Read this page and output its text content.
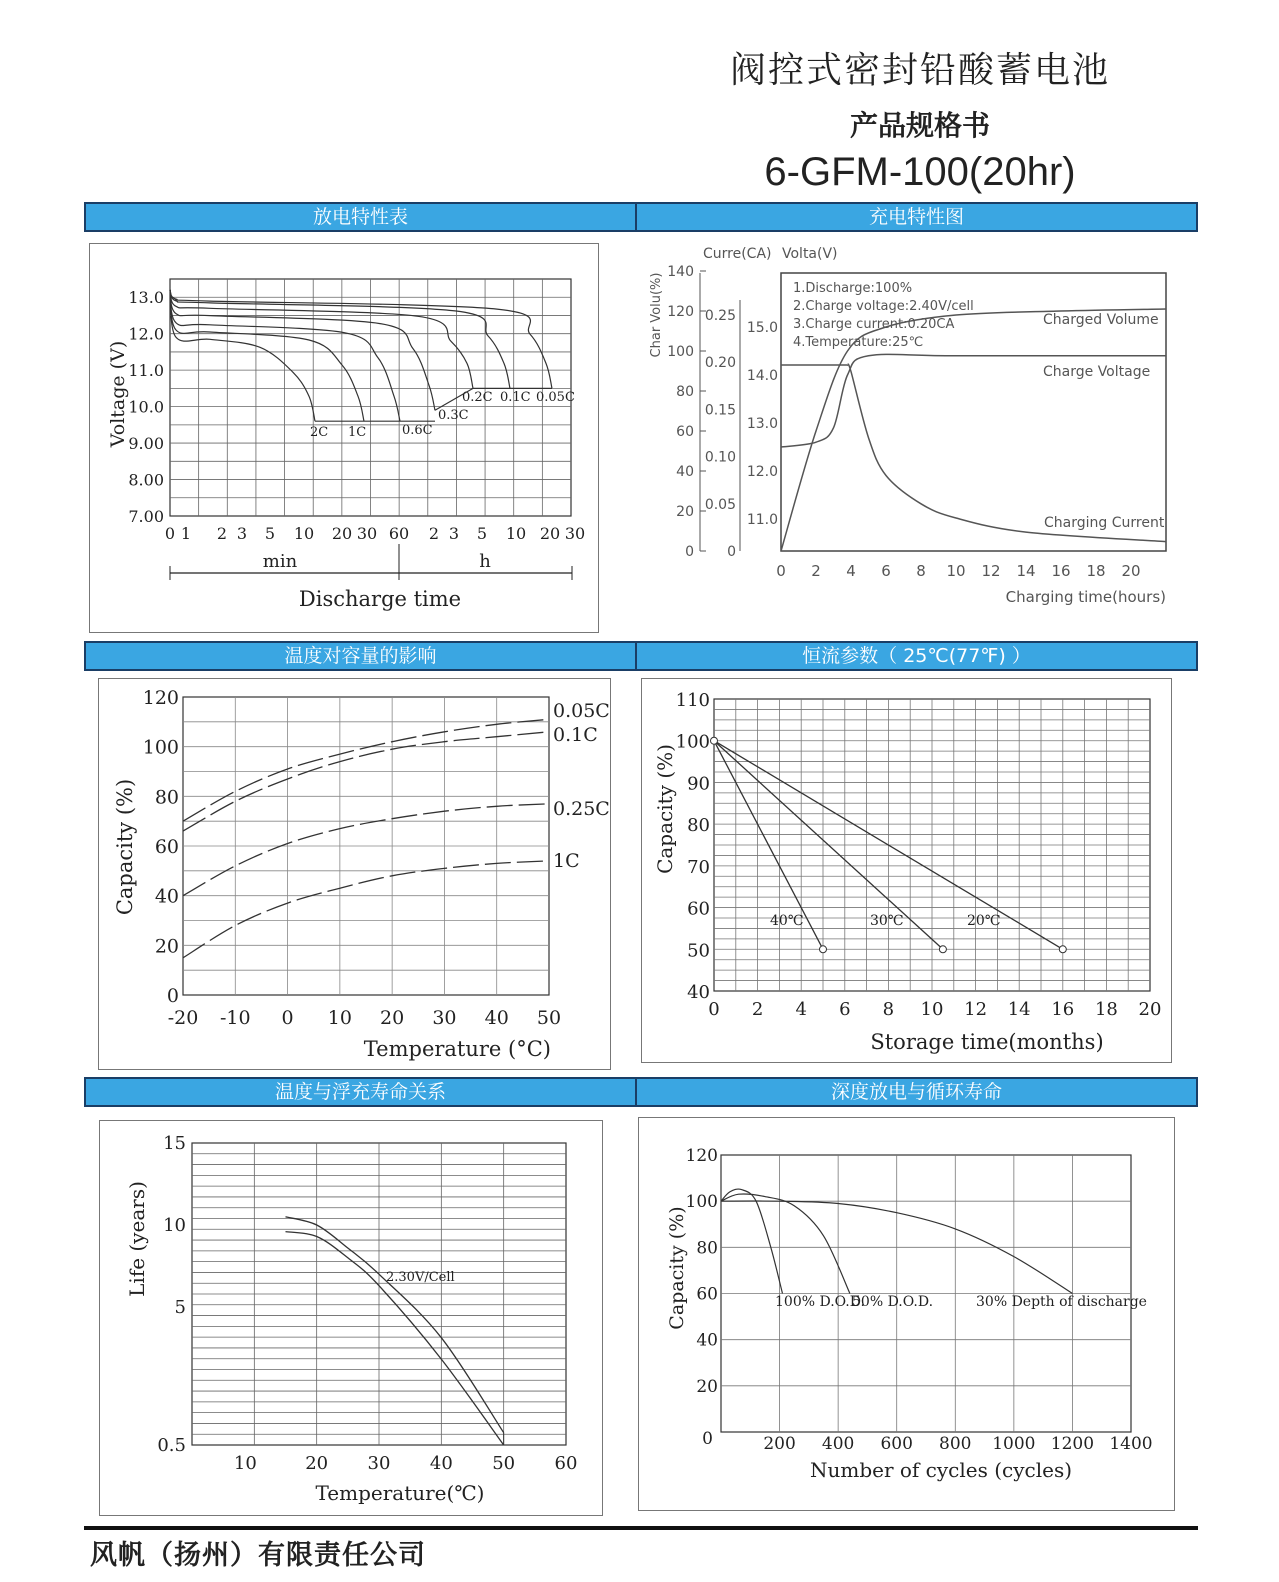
阀控式密封铅酸蓄电池
产品规格书
6-GFM-100(20hr)
放电特性表	充电特性图
温度对容量的影响	恒流参数（ 25℃(77℉) ）
温度与浮充寿命关系	深度放电与循环寿命
13.0
12.0
11.0
10.0
9.00
8.00
7.00
0 1 2 3 5 10 20 30 60 2 3 5 10 20 30
Voltage (V)
min	h
Discharge time
2C 1C	0.6C
0.3C
0.2C 0.1C 0.05C
Curre(CA) Volta(V)
Char Volu(%)
140
120
100
80
60
40
20
0
0.25
0.20
0.15
0.10
0.05
0
15.0
14.0
13.0
12.0
11.0
0 2 4 6 8 10 12 14 16 18 20
Charging time(hours)
1.Discharge:100%
2.Charge voltage:2.40V/cell
3.Charge current:0.20CA
4.Temperature:25℃
Charged Volume
Charge Voltage
Charging Current
120
100
80
60
40
20
0
-20 -10 0 10 20 30 40 50
Capacity (%)
Temperature (°C)
0.05C
0.1C
0.25C
1C
110
100
90
80
70
60
50
40
0 2 4 6 8 10 12 14 16 18 20
Capacity (%)
Storage time(months)
40℃	30℃	20℃
15
10
5
0.5
10	20 30 40 50 60
Life (years)
Temperature(℃)
2.30V/Cell
120
100
80
60
40
20
0	200 400 600 800 1000 1200 1400
Capacity (%)
Number of cycles (cycles)
100% D.O.D.
50% D.O.D.	30% Depth of discharge
风帆（扬州）有限责任公司
